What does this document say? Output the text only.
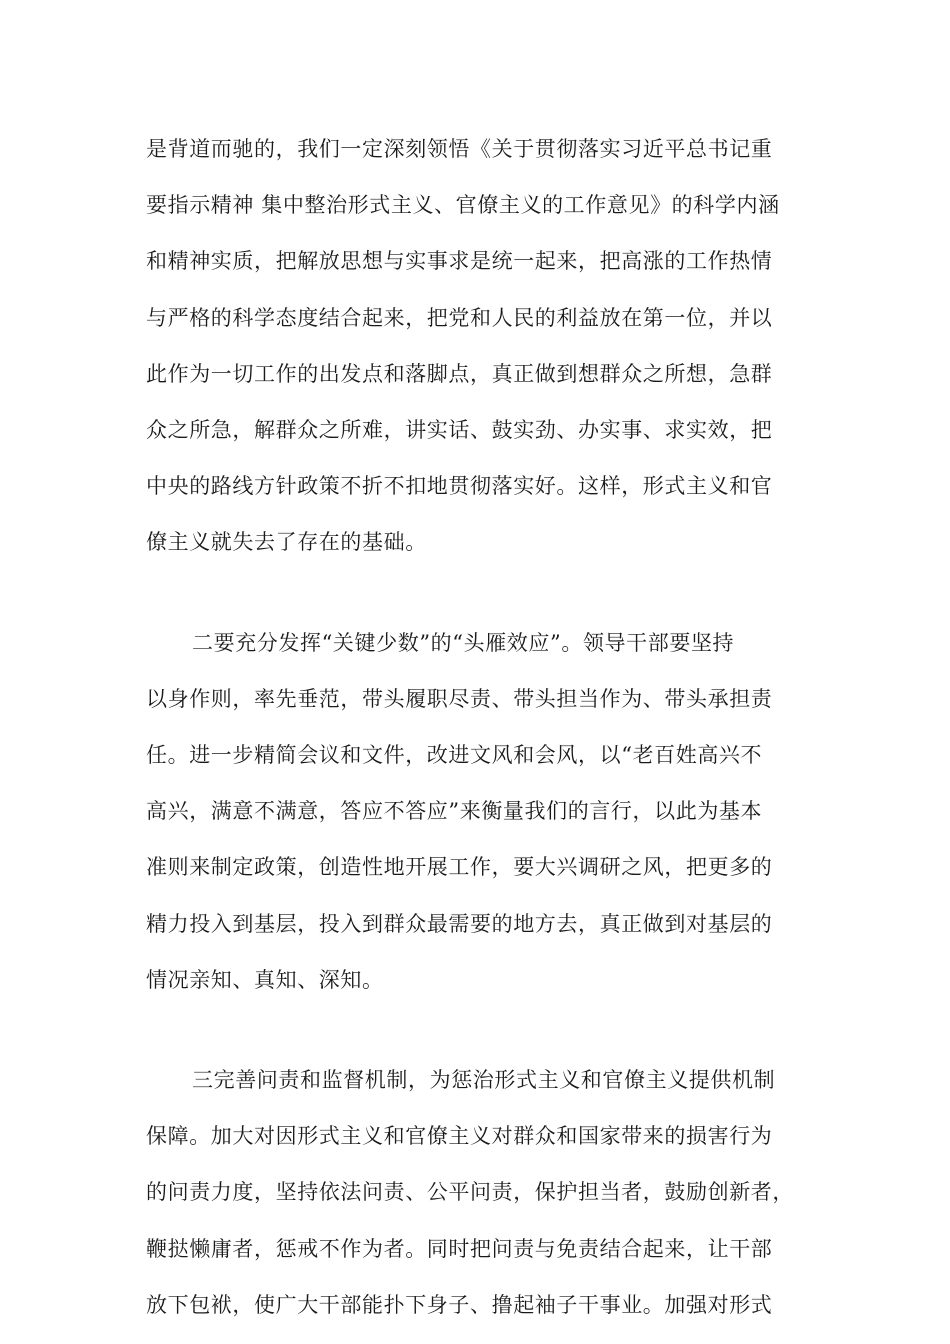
是背道而驰的，我们一定深刻领悟《关于贯彻落实习近平总书记重
要指示精神 集中整治形式主义、官僚主义的工作意见》的科学内涵
和精神实质，把解放思想与实事求是统一起来，把高涨的工作热情
与严格的科学态度结合起来，把党和人民的利益放在第一位，并以
此作为一切工作的出发点和落脚点，真正做到想群众之所想，急群
众之所急，解群众之所难，讲实话、鼓实劲、办实事、求实效，把
中央的路线方针政策不折不扣地贯彻落实好。这样，形式主义和官
僚主义就失去了存在的基础。
二要充分发挥“关键少数”的“头雁效应”。领导干部要坚持
以身作则，率先垂范，带头履职尽责、带头担当作为、带头承担责
任。进一步精简会议和文件，改进文风和会风，以“老百姓高兴不
高兴，满意不满意，答应不答应”来衡量我们的言行，以此为基本
准则来制定政策，创造性地开展工作，要大兴调研之风，把更多的
精力投入到基层，投入到群众最需要的地方去，真正做到对基层的
情况亲知、真知、深知。
三完善问责和监督机制，为惩治形式主义和官僚主义提供机制
保障。加大对因形式主义和官僚主义对群众和国家带来的损害行为
的问责力度，坚持依法问责、公平问责，保护担当者，鼓励创新者，
鞭挞懒庸者，惩戒不作为者。同时把问责与免责结合起来，让干部
放下包袱，使广大干部能扑下身子、撸起袖子干事业。加强对形式
